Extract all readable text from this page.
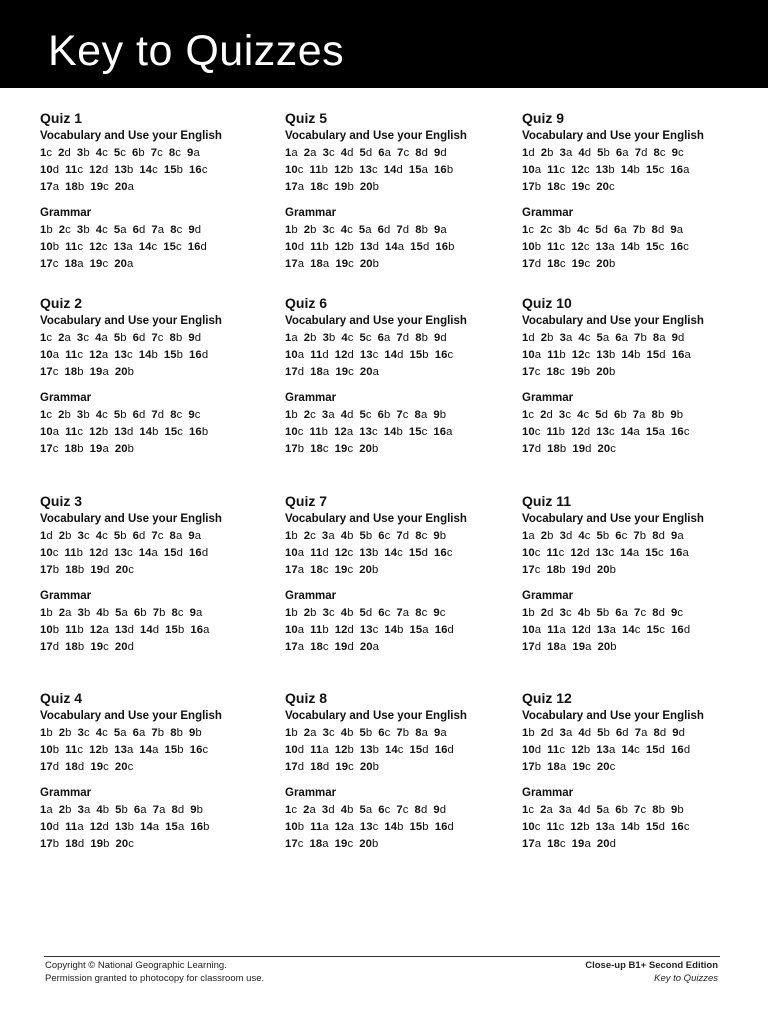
Key to Quizzes
Quiz 1
Vocabulary and Use your English
1c 2d 3b 4c 5c 6b 7c 8c 9a
10d 11c 12d 13b 14c 15b 16c
17a 18b 19c 20a
Grammar
1b 2c 3b 4c 5a 6d 7a 8c 9d
10b 11c 12c 13a 14c 15c 16d
17c 18a 19c 20a
Quiz 2
Vocabulary and Use your English
1c 2a 3c 4a 5b 6d 7c 8b 9d
10a 11c 12a 13c 14b 15b 16d
17c 18b 19a 20b
Grammar
1c 2b 3b 4c 5b 6d 7d 8c 9c
10a 11c 12b 13d 14b 15c 16b
17c 18b 19a 20b
Quiz 3
Vocabulary and Use your English
1d 2b 3c 4c 5b 6d 7c 8a 9a
10c 11b 12d 13c 14a 15d 16d
17b 18b 19d 20c
Grammar
1b 2a 3b 4b 5a 6b 7b 8c 9a
10b 11b 12a 13d 14d 15b 16a
17d 18b 19c 20d
Quiz 4
Vocabulary and Use your English
1b 2b 3c 4c 5a 6a 7b 8b 9b
10b 11c 12b 13a 14a 15b 16c
17d 18d 19c 20c
Grammar
1a 2b 3a 4b 5b 6a 7a 8d 9b
10d 11a 12d 13b 14a 15a 16b
17b 18d 19b 20c
Quiz 5
Vocabulary and Use your English
1a 2a 3c 4d 5d 6a 7c 8d 9d
10c 11b 12b 13c 14d 15a 16b
17a 18c 19b 20b
Grammar
1b 2b 3c 4c 5a 6d 7d 8b 9a
10d 11b 12b 13d 14a 15d 16b
17a 18a 19c 20b
Quiz 6
Vocabulary and Use your English
1a 2b 3b 4c 5c 6a 7d 8b 9d
10a 11d 12d 13c 14d 15b 16c
17d 18a 19c 20a
Grammar
1b 2c 3a 4d 5c 6b 7c 8a 9b
10c 11b 12a 13c 14b 15c 16a
17b 18c 19c 20b
Quiz 7
Vocabulary and Use your English
1b 2c 3a 4b 5b 6c 7d 8c 9b
10a 11d 12c 13b 14c 15d 16c
17a 18c 19c 20b
Grammar
1b 2b 3c 4b 5d 6c 7a 8c 9c
10a 11b 12d 13c 14b 15a 16d
17a 18c 19d 20a
Quiz 8
Vocabulary and Use your English
1b 2a 3c 4b 5b 6c 7b 8a 9a
10d 11a 12b 13b 14c 15d 16d
17d 18d 19c 20b
Grammar
1c 2a 3d 4b 5a 6c 7c 8d 9d
10b 11a 12a 13c 14b 15b 16d
17c 18a 19c 20b
Quiz 9
Vocabulary and Use your English
1d 2b 3a 4d 5b 6a 7d 8c 9c
10a 11c 12c 13b 14b 15c 16a
17b 18c 19c 20c
Grammar
1c 2c 3b 4c 5d 6a 7b 8d 9a
10b 11c 12c 13a 14b 15c 16c
17d 18c 19c 20b
Quiz 10
Vocabulary and Use your English
1d 2b 3a 4c 5a 6a 7b 8a 9d
10a 11b 12c 13b 14b 15d 16a
17c 18c 19b 20b
Grammar
1c 2d 3c 4c 5d 6b 7a 8b 9b
10c 11b 12d 13c 14a 15a 16c
17d 18b 19d 20c
Quiz 11
Vocabulary and Use your English
1a 2b 3d 4c 5b 6c 7b 8d 9a
10c 11c 12d 13c 14a 15c 16a
17c 18b 19d 20b
Grammar
1b 2d 3c 4b 5b 6a 7c 8d 9c
10a 11a 12d 13a 14c 15c 16d
17d 18a 19a 20b
Quiz 12
Vocabulary and Use your English
1b 2d 3a 4d 5b 6d 7a 8d 9d
10d 11c 12b 13a 14c 15d 16d
17b 18a 19c 20c
Grammar
1c 2a 3a 4d 5a 6b 7c 8b 9b
10c 11c 12b 13a 14b 15d 16c
17a 18c 19a 20d
Copyright © National Geographic Learning.
Permission granted to photocopy for classroom use.
Close-up B1+ Second Edition
Key to Quizzes
